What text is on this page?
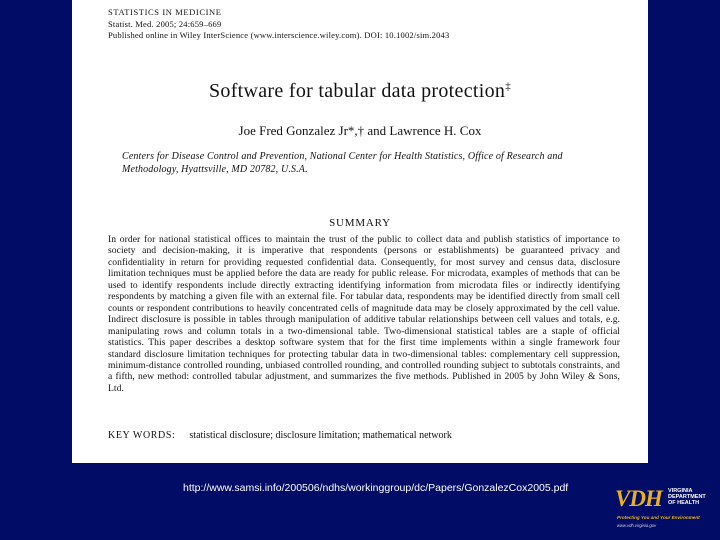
STATISTICS IN MEDICINE
Statist. Med. 2005; 24:659–669
Published online in Wiley InterScience (www.interscience.wiley.com). DOI: 10.1002/sim.2043
Software for tabular data protection‡
Joe Fred Gonzalez Jr*,† and Lawrence H. Cox
Centers for Disease Control and Prevention, National Center for Health Statistics, Office of Research and Methodology, Hyattsville, MD 20782, U.S.A.
SUMMARY
In order for national statistical offices to maintain the trust of the public to collect data and publish statistics of importance to society and decision-making, it is imperative that respondents (persons or establishments) be guaranteed privacy and confidentiality in return for providing requested confidential data. Consequently, for most survey and census data, disclosure limitation techniques must be applied before the data are ready for public release. For microdata, examples of methods that can be used to identify respondents include directly extracting identifying information from microdata files or indirectly identifying respondents by matching a given file with an external file. For tabular data, respondents may be identified directly from small cell counts or respondent contributions to heavily concentrated cells of magnitude data may be closely approximated by the cell value. Indirect disclosure is possible in tables through manipulation of additive tabular relationships between cell values and totals, e.g. manipulating rows and column totals in a two-dimensional table. Two-dimensional statistical tables are a staple of official statistics. This paper describes a desktop software system that for the first time implements within a single framework four standard disclosure limitation techniques for protecting tabular data in two-dimensional tables: complementary cell suppression, minimum-distance controlled rounding, unbiased controlled rounding, and controlled rounding subject to subtotals constraints, and a fifth, new method: controlled tabular adjustment, and summarizes the five methods. Published in 2005 by John Wiley & Sons, Ltd.
KEY WORDS: statistical disclosure; disclosure limitation; mathematical network
http://www.samsi.info/200506/ndhs/workinggroup/dc/Papers/GonzalezCox2005.pdf VDH VIRGINIA
DEPARTMENT
OF HEALTH
Protecting You and Your Environment
www.vdh.virginia.gov
